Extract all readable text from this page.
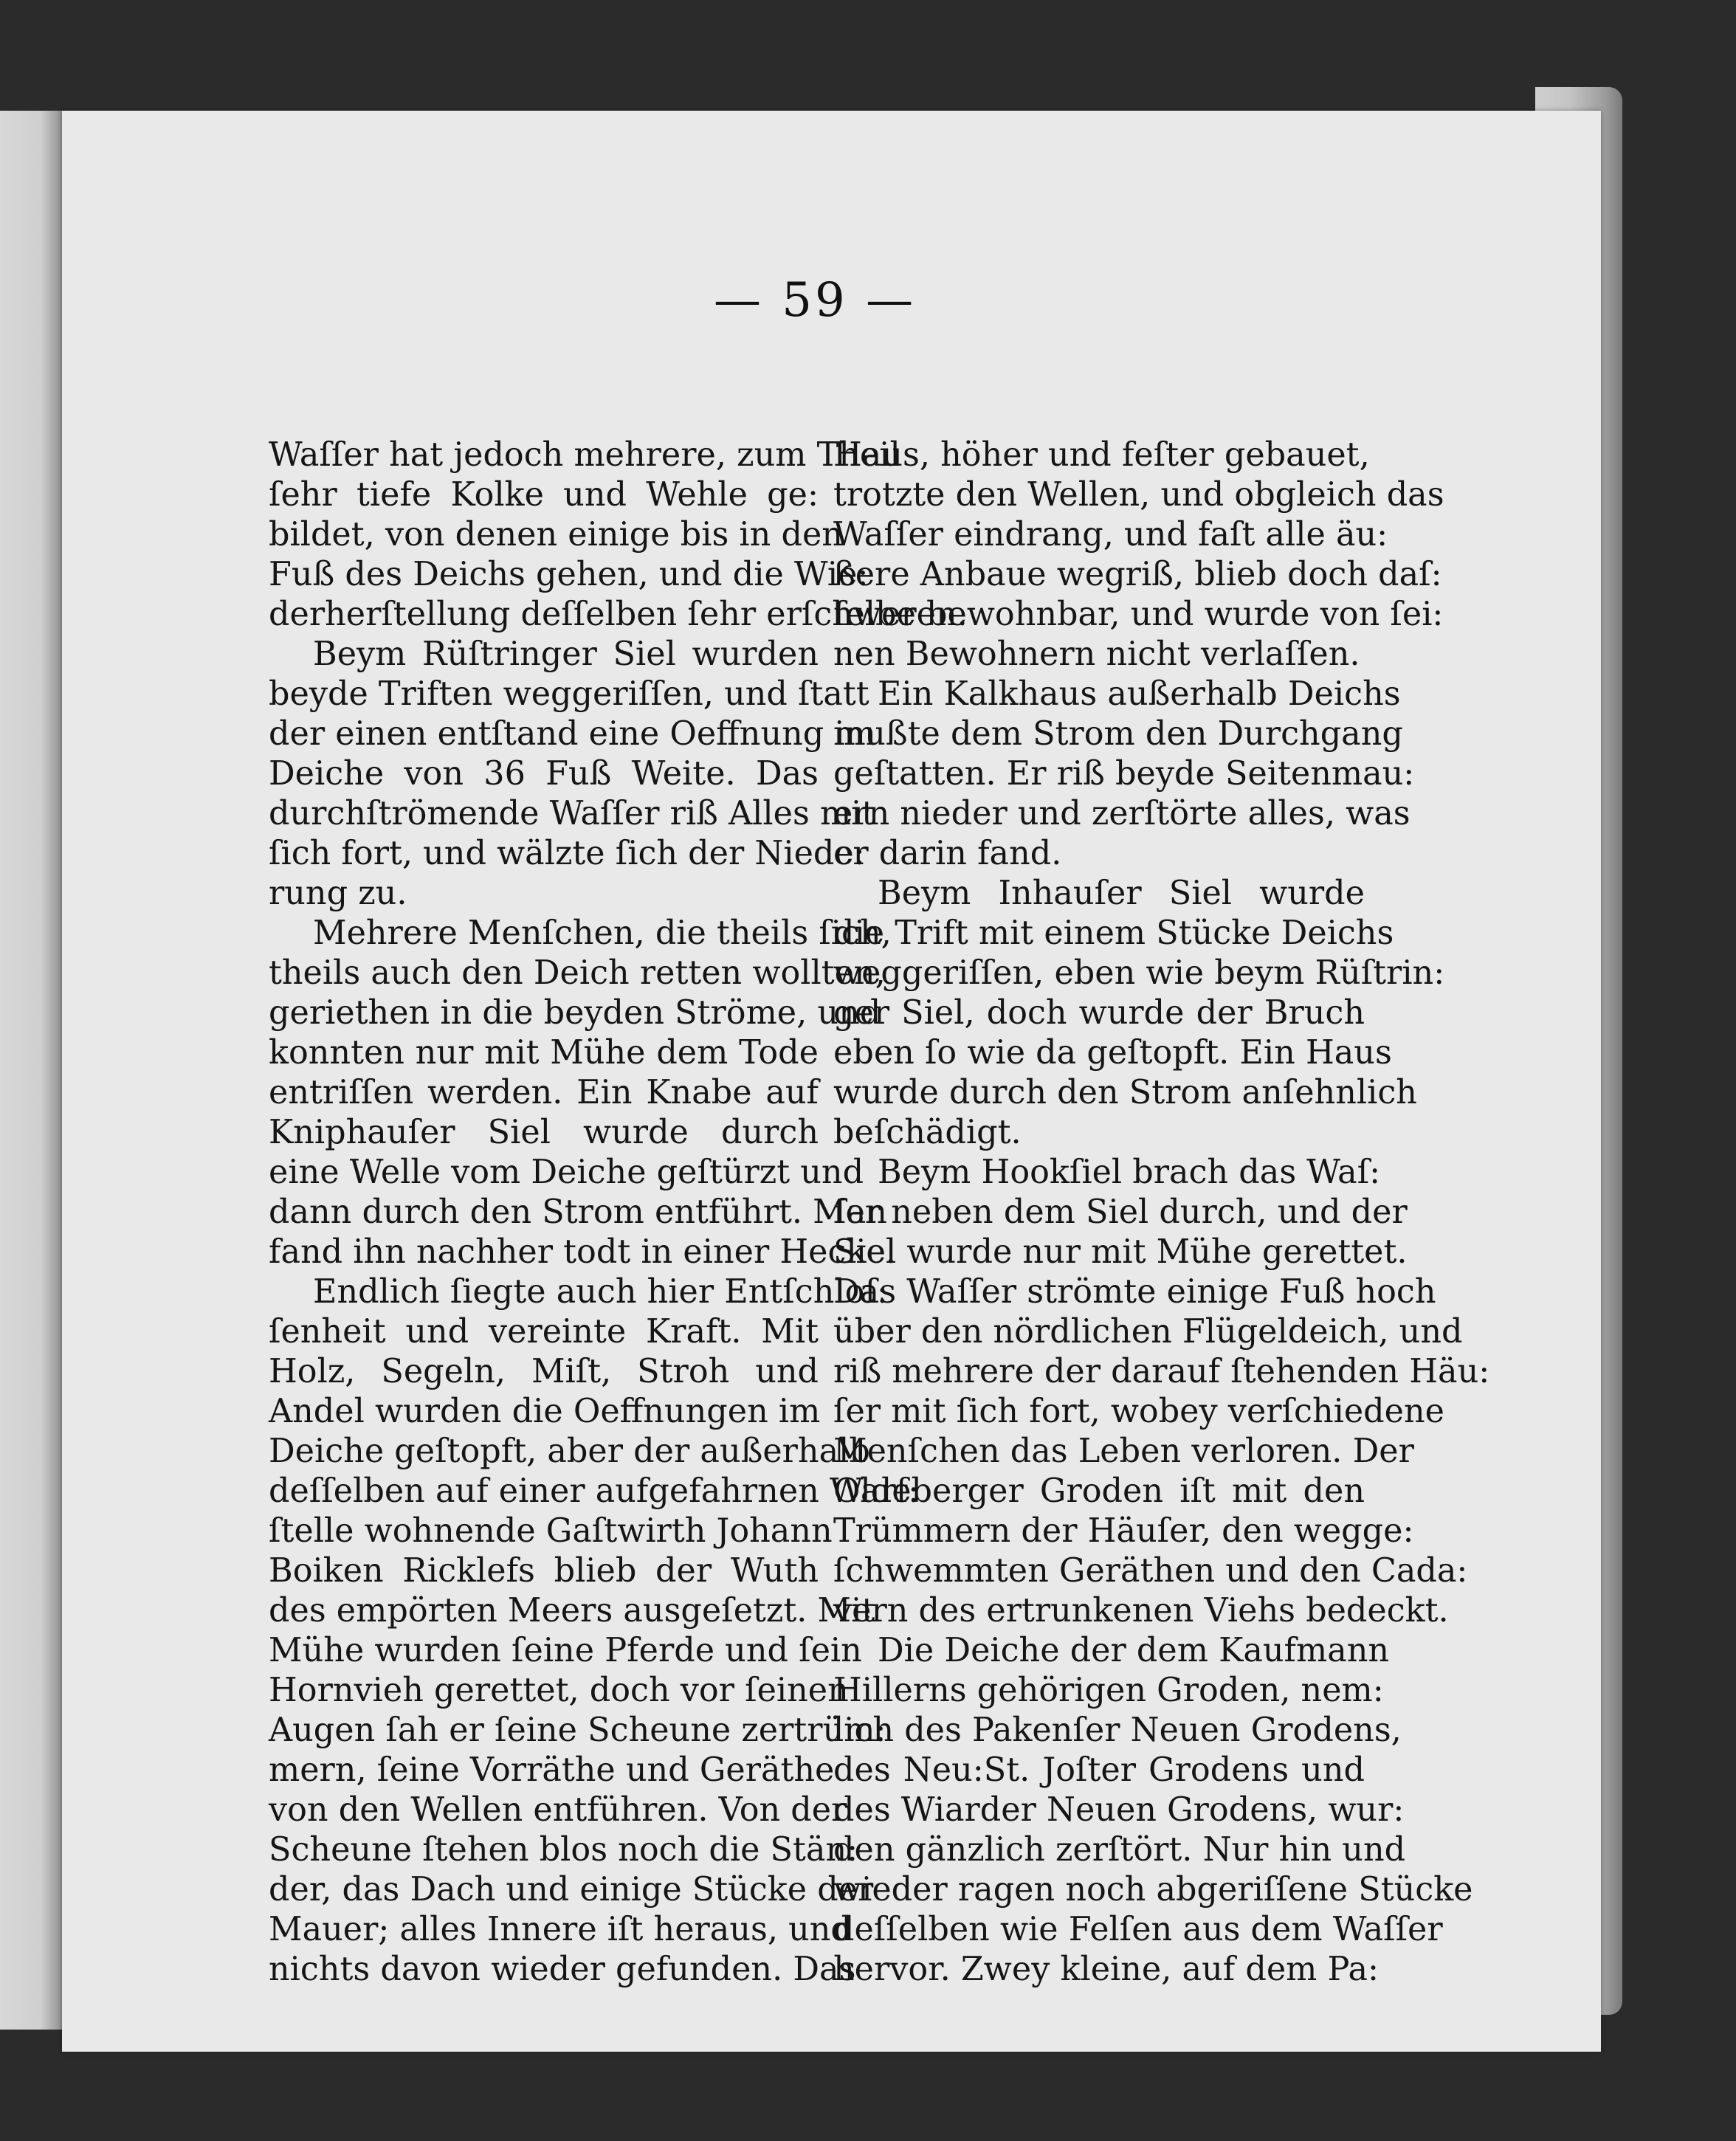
— 59 —
Waſſer hat jedoch mehrere, zum Theil
ſehr tiefe Kolke und Wehle ge:
bildet, von denen einige bis in den
Fuß des Deichs gehen, und die Wie:
derherſtellung deſſelben ſehr erſchweren.
Beym Rüſtringer Siel wurden
beyde Triften weggeriſſen, und ſtatt
der einen entſtand eine Oeffnung im
Deiche von 36 Fuß Weite. Das
durchſtrömende Waſſer riß Alles mit
ſich fort, und wälzte ſich der Niede:
rung zu.
Mehrere Menſchen, die theils ſich,
theils auch den Deich retten wollten,
geriethen in die beyden Ströme, und
konnten nur mit Mühe dem Tode
entriſſen werden. Ein Knabe auf
Kniphauſer Siel wurde durch
eine Welle vom Deiche geſtürzt und
dann durch den Strom entführt. Man
fand ihn nachher todt in einer Hecke.
Endlich ſiegte auch hier Entſchloſ:
ſenheit und vereinte Kraft. Mit
Holz, Segeln, Miſt, Stroh und
Andel wurden die Oeffnungen im
Deiche geſtopft, aber der außerhalb
deſſelben auf einer aufgefahrnen Warf:
ſtelle wohnende Gaſtwirth Johann
Boiken Ricklefs blieb der Wuth
des empörten Meers ausgeſetzt. Mit
Mühe wurden ſeine Pferde und ſein
Hornvieh gerettet, doch vor ſeinen
Augen ſah er ſeine Scheune zertrüm:
mern, ſeine Vorräthe und Geräthe
von den Wellen entführen. Von der
Scheune ſtehen blos noch die Stän:
der, das Dach und einige Stücke der
Mauer; alles Innere iſt heraus, und
nichts davon wieder gefunden. Das
Haus, höher und feſter gebauet,
trotzte den Wellen, und obgleich das
Waſſer eindrang, und faſt alle äu:
ßere Anbaue wegriß, blieb doch daſ:
ſelbe bewohnbar, und wurde von ſei:
nen Bewohnern nicht verlaſſen.
Ein Kalkhaus außerhalb Deichs
mußte dem Strom den Durchgang
geſtatten. Er riß beyde Seitenmau:
ern nieder und zerſtörte alles, was
er darin fand.
Beym Inhauſer Siel wurde
die Trift mit einem Stücke Deichs
weggeriſſen, eben wie beym Rüſtrin:
ger Siel, doch wurde der Bruch
eben ſo wie da geſtopft. Ein Haus
wurde durch den Strom anſehnlich
beſchädigt.
Beym Hookſiel brach das Waſ:
ſer neben dem Siel durch, und der
Siel wurde nur mit Mühe gerettet.
Das Waſſer strömte einige Fuß hoch
über den nördlichen Flügeldeich, und
riß mehrere der darauf ſtehenden Häu:
ſer mit ſich fort, wobey verſchiedene
Menſchen das Leben verloren. Der
Oldeberger Groden iſt mit den
Trümmern der Häuſer, den wegge:
ſchwemmten Geräthen und den Cada:
vern des ertrunkenen Viehs bedeckt.
Die Deiche der dem Kaufmann
Hillerns gehörigen Groden, nem:
lich des Pakenſer Neuen Grodens,
des Neu:St. Joſter Grodens und
des Wiarder Neuen Grodens, wur:
den gänzlich zerſtört. Nur hin und
wieder ragen noch abgeriſſene Stücke
deſſelben wie Felſen aus dem Waſſer
hervor. Zwey kleine, auf dem Pa:
